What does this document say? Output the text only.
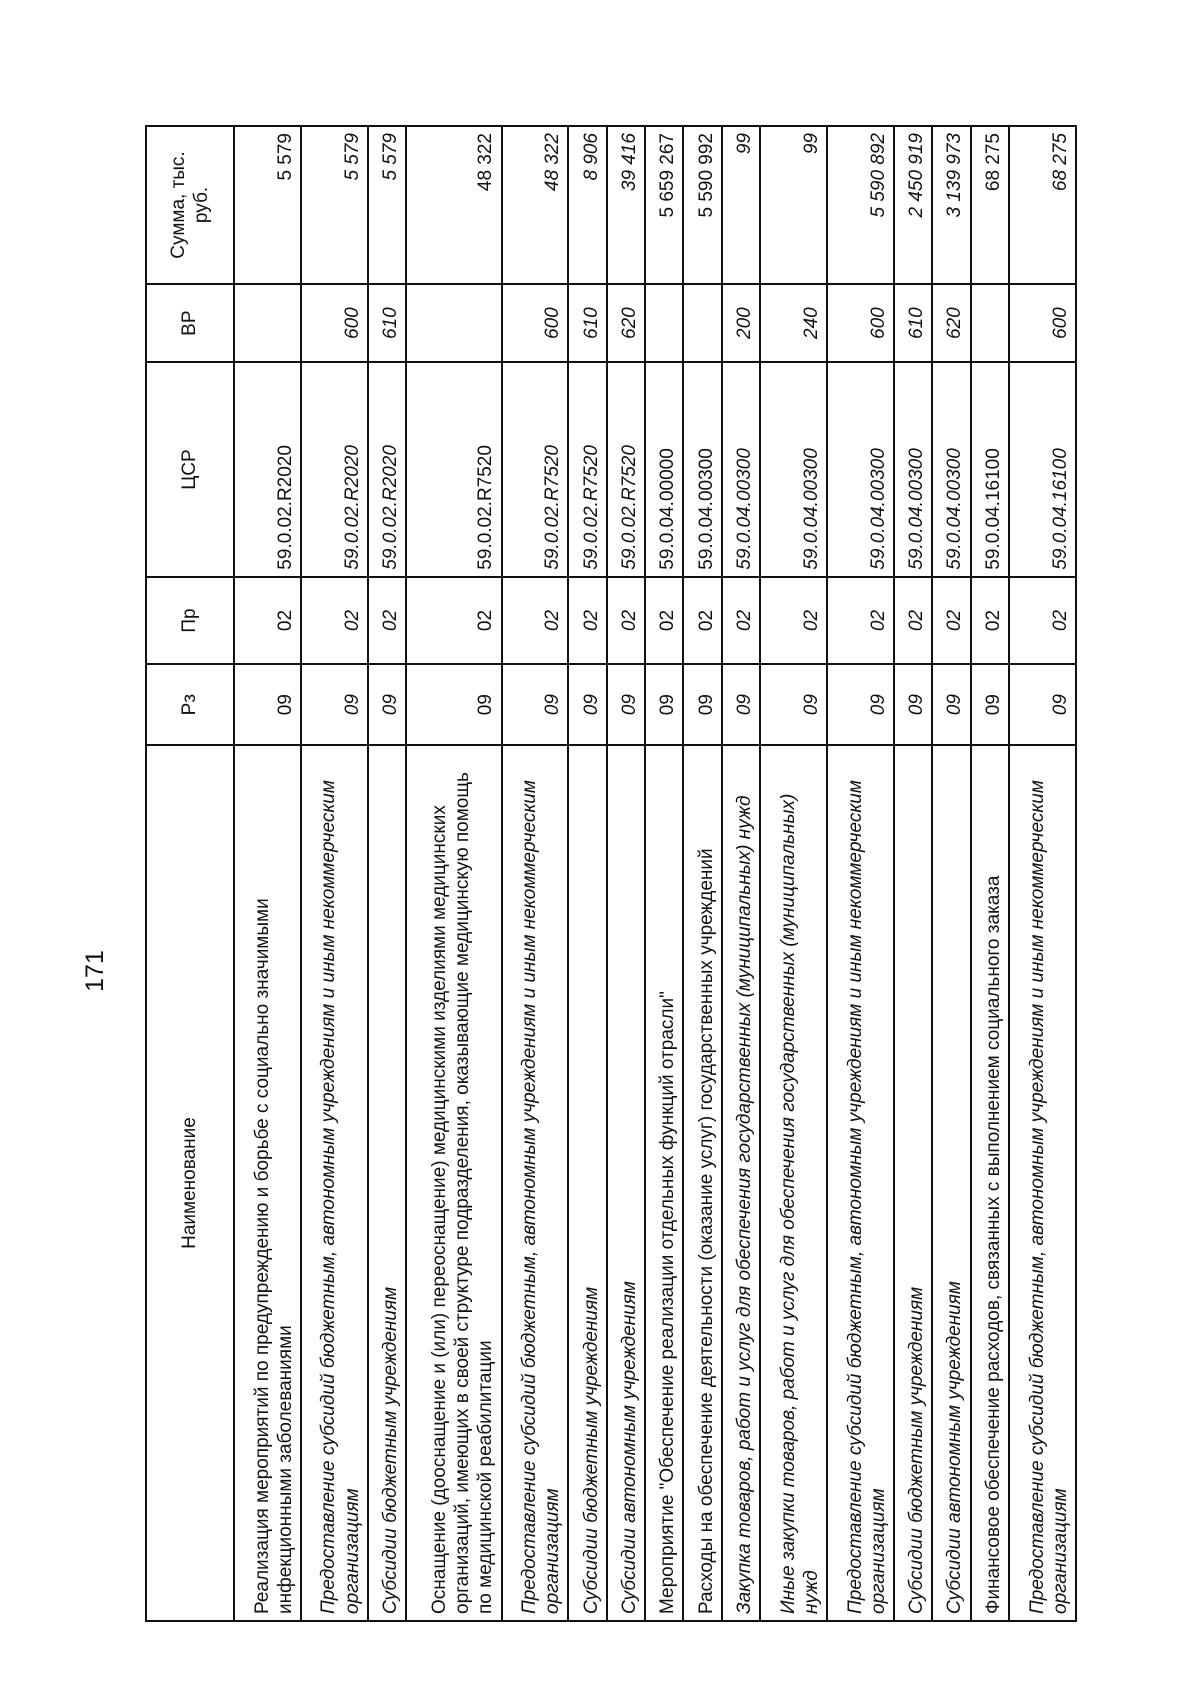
171
Наименование	Рз	Пр	ЦСР	ВР	Сумма, тыс. руб.
Реализация мероприятий по предупреждению и борьбе с социально значимыми инфекционными заболеваниями	09	02	59.0.02.R2020		5 579
Предоставление субсидий бюджетным, автономным учреждениям и иным некоммерческим организациям	09	02	59.0.02.R2020	600	5 579
Субсидии бюджетным учреждениям	09	02	59.0.02.R2020	610	5 579
Оснащение (дооснащение и (или) переоснащение) медицинскими изделиями медицинских организаций, имеющих в своей структуре подразделения, оказывающие медицинскую помощь по медицинской реабилитации	09	02	59.0.02.R7520		48 322
Предоставление субсидий бюджетным, автономным учреждениям и иным некоммерческим организациям	09	02	59.0.02.R7520	600	48 322
Субсидии бюджетным учреждениям	09	02	59.0.02.R7520	610	8 906
Субсидии автономным учреждениям	09	02	59.0.02.R7520	620	39 416
Мероприятие "Обеспечение реализации отдельных функций отрасли"	09	02	59.0.04.00000		5 659 267
Расходы на обеспечение деятельности (оказание услуг) государственных учреждений	09	02	59.0.04.00300		5 590 992
Закупка товаров, работ и услуг для обеспечения государственных (муниципальных) нужд	09	02	59.0.04.00300	200	99
Иные закупки товаров, работ и услуг для обеспечения государственных (муниципальных) нужд	09	02	59.0.04.00300	240	99
Предоставление субсидий бюджетным, автономным учреждениям и иным некоммерческим организациям	09	02	59.0.04.00300	600	5 590 892
Субсидии бюджетным учреждениям	09	02	59.0.04.00300	610	2 450 919
Субсидии автономным учреждениям	09	02	59.0.04.00300	620	3 139 973
Финансовое обеспечение расходов, связанных с выполнением социального заказа	09	02	59.0.04.16100		68 275
Предоставление субсидий бюджетным, автономным учреждениям и иным некоммерческим организациям	09	02	59.0.04.16100	600	68 275
